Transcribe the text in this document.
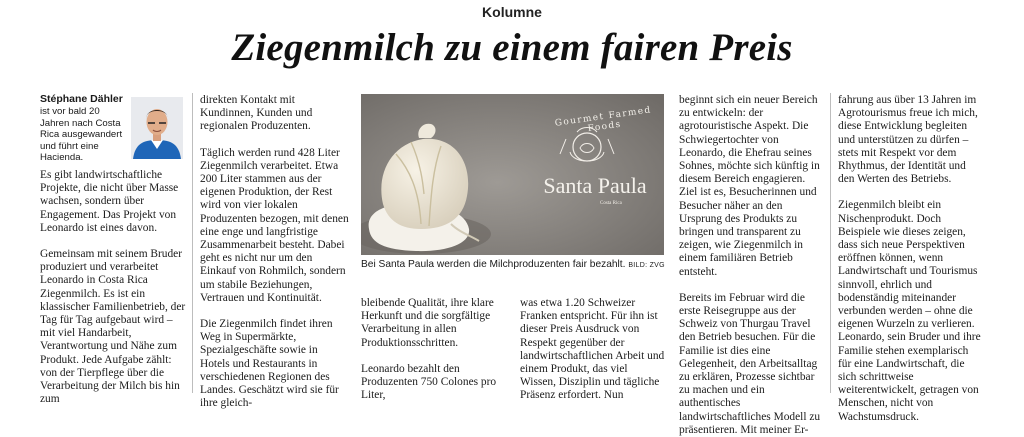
Kolumne
Ziegenmilch zu einem fairen Preis
Stéphane Dähler
ist vor bald 20 Jahren nach Costa Rica ausgewandert und führt eine Hacienda.

Es gibt landwirtschaftliche Projekte, die nicht über Masse wachsen, sondern über Engagement. Das Projekt von Leonardo ist eines davon.

Gemeinsam mit seinem Bruder produziert und verarbeitet Leonardo in Costa Rica Ziegenmilch. Es ist ein klassischer Familienbetrieb, der Tag für Tag aufgebaut wird – mit viel Handarbeit, Verantwortung und Nähe zum Produkt. Jede Aufgabe zählt: von der Tierpflege über die Verarbeitung der Milch bis hin zum

direkten Kontakt mit Kundinnen, Kunden und regionalen Produzenten.

Täglich werden rund 428 Liter Ziegenmilch verarbeitet. Etwa 200 Liter stammen aus der eigenen Produktion, der Rest wird von vier lokalen Produzenten bezogen, mit denen eine enge und langfristige Zusammenarbeit besteht. Dabei geht es nicht nur um den Einkauf von Rohmilch, sondern um stabile Beziehungen, Vertrauen und Kontinuität.

Die Ziegenmilch findet ihren Weg in Supermärkte, Spezialgeschäfte sowie in Hotels und Restaurants in verschiedenen Regionen des Landes. Geschätzt wird sie für ihre gleich-

Gourmet Farmed Foods
Santa Paula
Costa Rica
Bei Santa Paula werden die Milchproduzenten fair bezahlt. BILD: ZVG

bleibende Qualität, ihre klare Herkunft und die sorgfältige Verarbeitung in allen Produktionsschritten.

Leonardo bezahlt den Produzenten 750 Colones pro Liter,

was etwa 1.20 Schweizer Franken entspricht. Für ihn ist dieser Preis Ausdruck von Respekt gegenüber der landwirtschaftlichen Arbeit und einem Produkt, das viel Wissen, Disziplin und tägliche Präsenz erfordert. Nun

beginnt sich ein neuer Bereich zu entwickeln: der agrotouristische Aspekt. Die Schwiegertochter von Leonardo, die Ehefrau seines Sohnes, möchte sich künftig in diesem Bereich engagieren. Ziel ist es, Besucherinnen und Besucher näher an den Ursprung des Produkts zu bringen und transparent zu zeigen, wie Ziegenmilch in einem familiären Betrieb entsteht.

Bereits im Februar wird die erste Reisegruppe aus der Schweiz von Thurgau Travel den Betrieb besuchen. Für die Familie ist dies eine Gelegenheit, den Arbeitsalltag zu erklären, Prozesse sichtbar zu machen und ein authentisches landwirtschaftliches Modell zu präsentieren. Mit meiner Er-

fahrung aus über 13 Jahren im Agrotourismus freue ich mich, diese Entwicklung begleiten und unterstützen zu dürfen – stets mit Respekt vor dem Rhythmus, der Identität und den Werten des Betriebs.

Ziegenmilch bleibt ein Nischenprodukt. Doch Beispiele wie dieses zeigen, dass sich neue Perspektiven eröffnen können, wenn Landwirtschaft und Tourismus sinnvoll, ehrlich und bodenständig miteinander verbunden werden – ohne die eigenen Wurzeln zu verlieren. Leonardo, sein Bruder und ihre Familie stehen exemplarisch für eine Landwirtschaft, die sich schrittweise weiterentwickelt, getragen von Menschen, nicht von Wachstumsdruck.
